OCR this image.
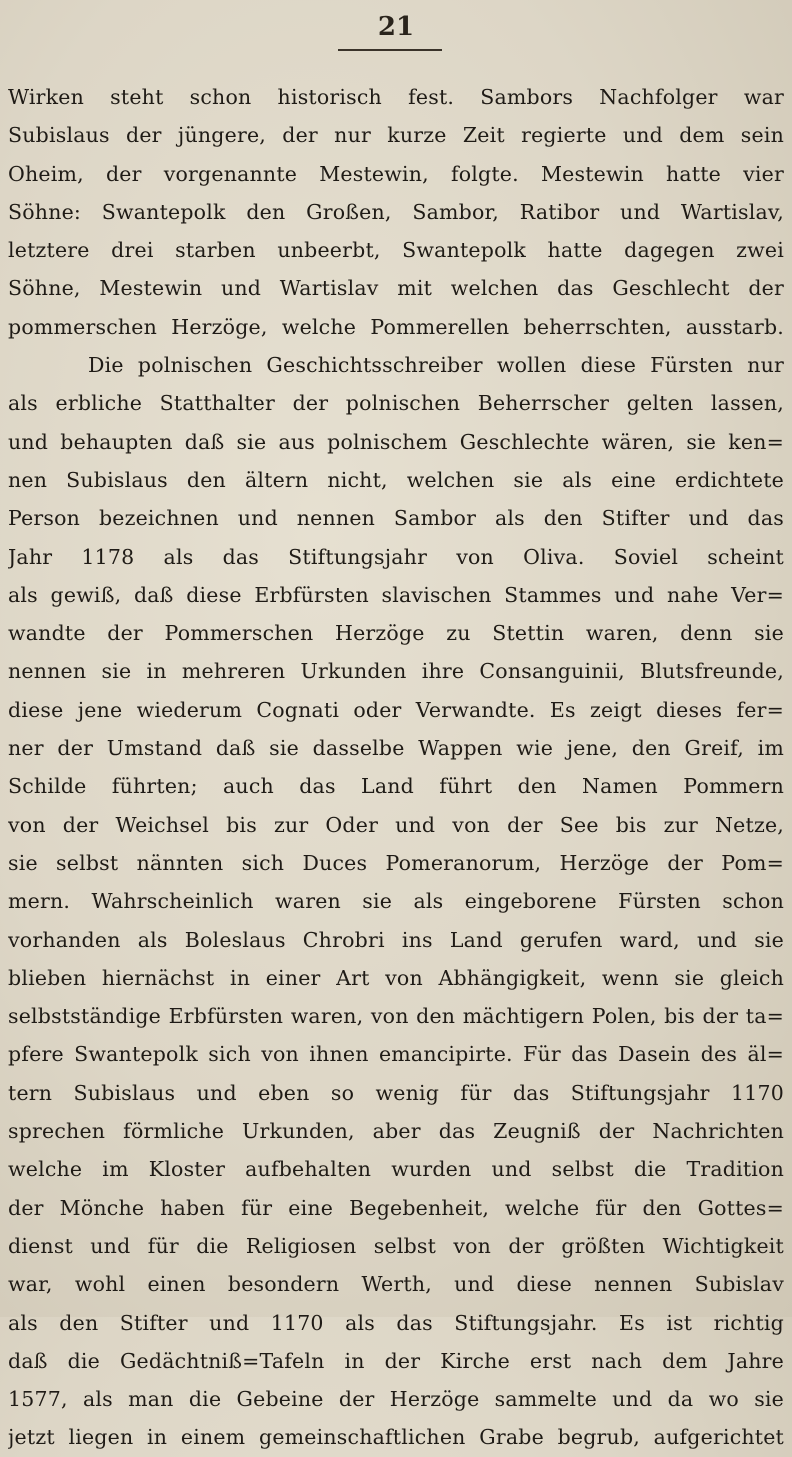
21
Wirken steht schon historisch fest. Sambors Nachfolger war
Subislaus der jüngere, der nur kurze Zeit regierte und dem sein
Oheim, der vorgenannte Mestewin, folgte. Mestewin hatte vier
Söhne: Swantepolk den Großen, Sambor, Ratibor und Wartislav,
letztere drei starben unbeerbt, Swantepolk hatte dagegen zwei
Söhne, Mestewin und Wartislav mit welchen das Geschlecht der
pommerschen Herzöge, welche Pommerellen beherrschten, ausstarb.
Die polnischen Geschichtsschreiber wollen diese Fürsten nur
als erbliche Statthalter der polnischen Beherrscher gelten lassen,
und behaupten daß sie aus polnischem Geschlechte wären, sie ken=
nen Subislaus den ältern nicht, welchen sie als eine erdichtete
Person bezeichnen und nennen Sambor als den Stifter und das
Jahr 1178 als das Stiftungsjahr von Oliva. Soviel scheint
als gewiß, daß diese Erbfürsten slavischen Stammes und nahe Ver=
wandte der Pommerschen Herzöge zu Stettin waren, denn sie
nennen sie in mehreren Urkunden ihre Consanguinii, Blutsfreunde,
diese jene wiederum Cognati oder Verwandte. Es zeigt dieses fer=
ner der Umstand daß sie dasselbe Wappen wie jene, den Greif, im
Schilde führten; auch das Land führt den Namen Pommern
von der Weichsel bis zur Oder und von der See bis zur Netze,
sie selbst nännten sich Duces Pomeranorum, Herzöge der Pom=
mern. Wahrscheinlich waren sie als eingeborene Fürsten schon
vorhanden als Boleslaus Chrobri ins Land gerufen ward, und sie
blieben hiernächst in einer Art von Abhängigkeit, wenn sie gleich
selbstständige Erbfürsten waren, von den mächtigern Polen, bis der ta=
pfere Swantepolk sich von ihnen emancipirte. Für das Dasein des äl=
tern Subislaus und eben so wenig für das Stiftungsjahr 1170
sprechen förmliche Urkunden, aber das Zeugniß der Nachrichten
welche im Kloster aufbehalten wurden und selbst die Tradition
der Mönche haben für eine Begebenheit, welche für den Gottes=
dienst und für die Religiosen selbst von der größten Wichtigkeit
war, wohl einen besondern Werth, und diese nennen Subislav
als den Stifter und 1170 als das Stiftungsjahr. Es ist richtig
daß die Gedächtniß=Tafeln in der Kirche erst nach dem Jahre
1577, als man die Gebeine der Herzöge sammelte und da wo sie
jetzt liegen in einem gemeinschaftlichen Grabe begrub, aufgerichtet
